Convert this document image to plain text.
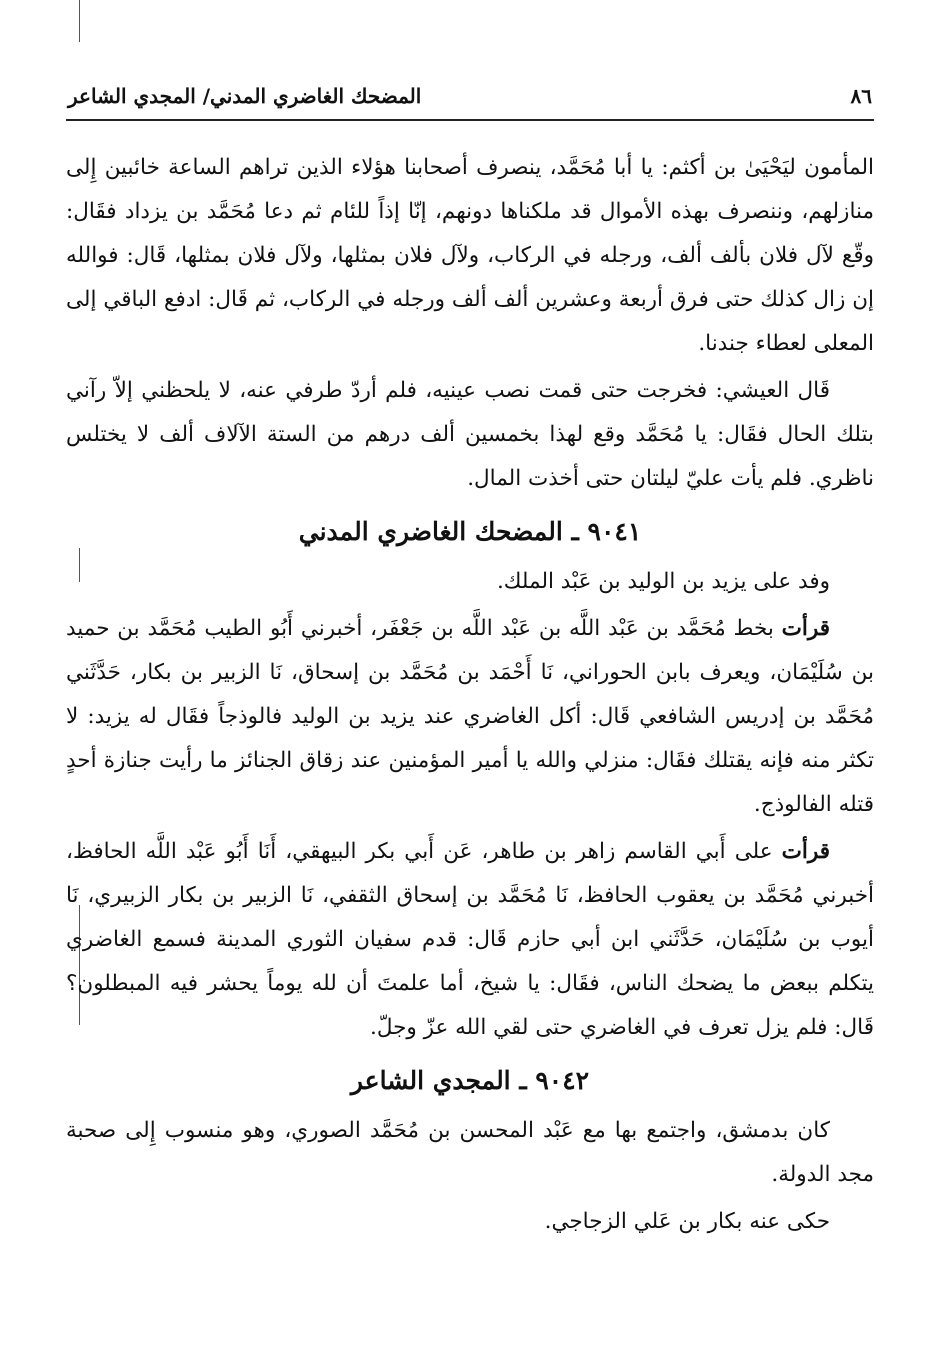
٨٦
المضحك الغاضري المدني/ المجدي الشاعر

المأمون ليَحْيَىٰ بن أكثم: يا أبا مُحَمَّد، ينصرف أصحابنا هؤلاء الذين تراهم الساعة خائبين إِلى منازلهم، وننصرف بهذه الأموال قد ملكناها دونهم، إنّا إذاً للئام ثم دعا مُحَمَّد بن يزداد فقَال: وقّع لآل فلان بألف ألف، ورجله في الركاب، ولآل فلان بمثلها، ولآل فلان بمثلها، قَال: فوالله إن زال كذلك حتى فرق أربعة وعشرين ألف ألف ورجله في الركاب، ثم قَال: ادفع الباقي إلى المعلى لعطاء جندنا.

قَال العيشي: فخرجت حتى قمت نصب عينيه، فلم أردّ طرفي عنه، لا يلحظني إلاّ رآني بتلك الحال فقَال: يا مُحَمَّد وقع لهذا بخمسين ألف درهم من الستة الآلاف ألف لا يختلس ناظري. فلم يأت عليّ ليلتان حتى أخذت المال.

٩٠٤١ ـ المضحك الغاضري المدني

وفد على يزيد بن الوليد بن عَبْد الملك.

قرأت بخط مُحَمَّد بن عَبْد اللَّه بن عَبْد اللَّه بن جَعْفَر، أخبرني أَبُو الطيب مُحَمَّد بن حميد بن سُلَيْمَان، ويعرف بابن الحوراني، نَا أَحْمَد بن مُحَمَّد بن إسحاق، نَا الزبير بن بكار، حَدَّثَني مُحَمَّد بن إدريس الشافعي قَال: أكل الغاضري عند يزيد بن الوليد فالوذجاً فقَال له يزيد: لا تكثر منه فإنه يقتلك فقَال: منزلي والله يا أمير المؤمنين عند زقاق الجنائز ما رأيت جنازة أحدٍ قتله الفالوذج.

قرأت على أَبي القاسم زاهر بن طاهر، عَن أَبي بكر البيهقي، أَنَا أَبُو عَبْد اللَّه الحافظ، أخبرني مُحَمَّد بن يعقوب الحافظ، نَا مُحَمَّد بن إسحاق الثقفي، نَا الزبير بن بكار الزبيري، نَا أيوب بن سُلَيْمَان، حَدَّثَني ابن أبي حازم قَال: قدم سفيان الثوري المدينة فسمع الغاضري يتكلم ببعض ما يضحك الناس، فقَال: يا شيخ، أما علمتَ أن لله يوماً يحشر فيه المبطلون؟ قَال: فلم يزل تعرف في الغاضري حتى لقي الله عزّ وجلّ.

٩٠٤٢ ـ المجدي الشاعر

كان بدمشق، واجتمع بها مع عَبْد المحسن بن مُحَمَّد الصوري، وهو منسوب إِلى صحبة مجد الدولة.

حكى عنه بكار بن عَلي الزجاجي.
